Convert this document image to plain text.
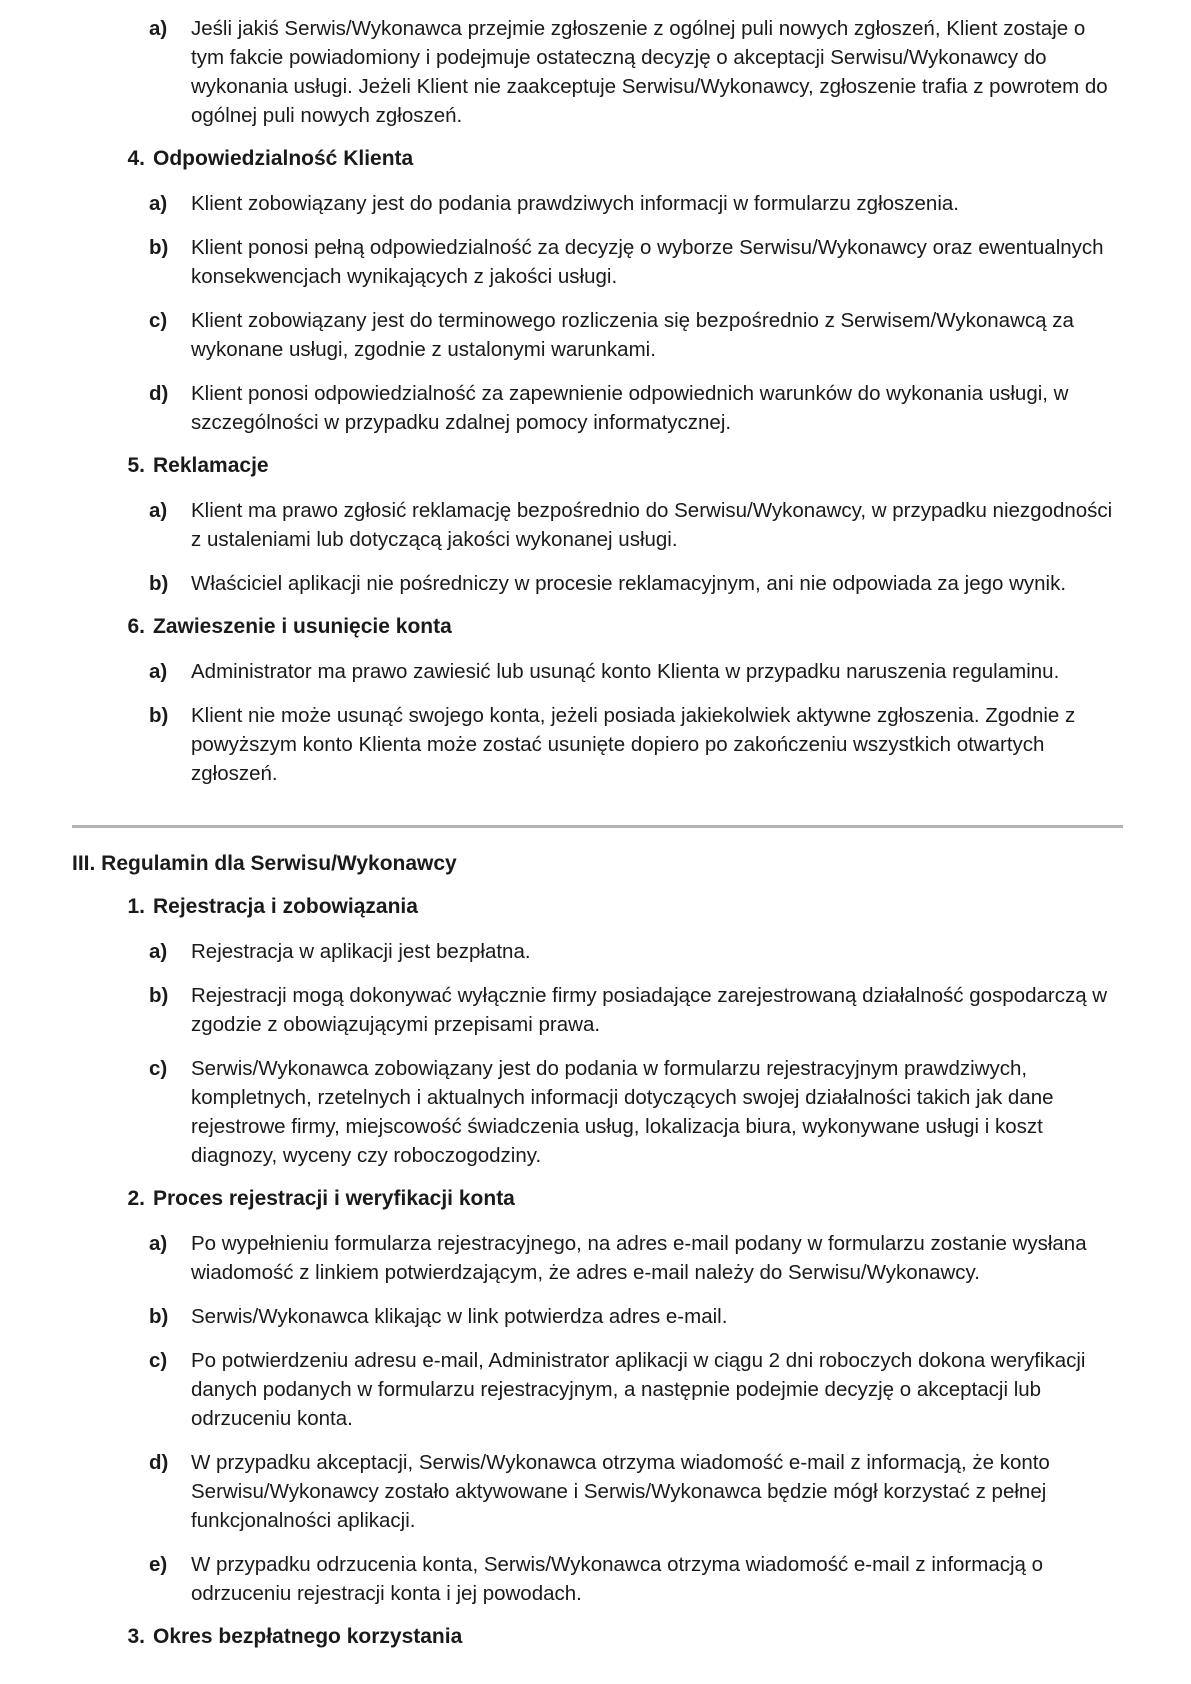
a)	Jeśli jakiś Serwis/Wykonawca przejmie zgłoszenie z ogólnej puli nowych zgłoszeń, Klient zostaje o tym fakcie powiadomiony i podejmuje ostateczną decyzję o akceptacji Serwisu/Wykonawcy do wykonania usługi. Jeżeli Klient nie zaakceptuje Serwisu/Wykonawcy, zgłoszenie trafia z powrotem do ogólnej puli nowych zgłoszeń.
4. Odpowiedzialność Klienta
a)	Klient zobowiązany jest do podania prawdziwych informacji w formularzu zgłoszenia.
b)	Klient ponosi pełną odpowiedzialność za decyzję o wyborze Serwisu/Wykonawcy oraz ewentualnych konsekwencjach wynikających z jakości usługi.
c)	Klient zobowiązany jest do terminowego rozliczenia się bezpośrednio z Serwisem/Wykonawcą za wykonane usługi, zgodnie z ustalonymi warunkami.
d)	Klient ponosi odpowiedzialność za zapewnienie odpowiednich warunków do wykonania usługi, w szczególności w przypadku zdalnej pomocy informatycznej.
5. Reklamacje
a)	Klient ma prawo zgłosić reklamację bezpośrednio do Serwisu/Wykonawcy, w przypadku niezgodności z ustaleniami lub dotyczącą jakości wykonanej usługi.
b)	Właściciel aplikacji nie pośredniczy w procesie reklamacyjnym, ani nie odpowiada za jego wynik.
6. Zawieszenie i usunięcie konta
a)	Administrator ma prawo zawiesić lub usunąć konto Klienta w przypadku naruszenia regulaminu.
b)	Klient nie może usunąć swojego konta, jeżeli posiada jakiekolwiek aktywne zgłoszenia. Zgodnie z powyższym konto Klienta może zostać usunięte dopiero po zakończeniu wszystkich otwartych zgłoszeń.
III. Regulamin dla Serwisu/Wykonawcy
1. Rejestracja i zobowiązania
a)	Rejestracja w aplikacji jest bezpłatna.
b)	Rejestracji mogą dokonywać wyłącznie firmy posiadające zarejestrowaną działalność gospodarczą w zgodzie z obowiązującymi przepisami prawa.
c)	Serwis/Wykonawca zobowiązany jest do podania w formularzu rejestracyjnym prawdziwych, kompletnych, rzetelnych i aktualnych informacji dotyczących swojej działalności takich jak dane rejestrowe firmy, miejscowość świadczenia usług, lokalizacja biura, wykonywane usługi i koszt diagnozy, wyceny czy roboczogodziny.
2. Proces rejestracji i weryfikacji konta
a)	Po wypełnieniu formularza rejestracyjnego, na adres e-mail podany w formularzu zostanie wysłana wiadomość z linkiem potwierdzającym, że adres e-mail należy do Serwisu/Wykonawcy.
b)	Serwis/Wykonawca klikając w link potwierdza adres e-mail.
c)	Po potwierdzeniu adresu e-mail, Administrator aplikacji w ciągu 2 dni roboczych dokona weryfikacji danych podanych w formularzu rejestracyjnym, a następnie podejmie decyzję o akceptacji lub odrzuceniu konta.
d)	W przypadku akceptacji, Serwis/Wykonawca otrzyma wiadomość e-mail z informacją, że konto Serwisu/Wykonawcy zostało aktywowane i Serwis/Wykonawca będzie mógł korzystać z pełnej funkcjonalności aplikacji.
e)	W przypadku odrzucenia konta, Serwis/Wykonawca otrzyma wiadomość e-mail z informacją o odrzuceniu rejestracji konta i jej powodach.
3. Okres bezpłatnego korzystania
